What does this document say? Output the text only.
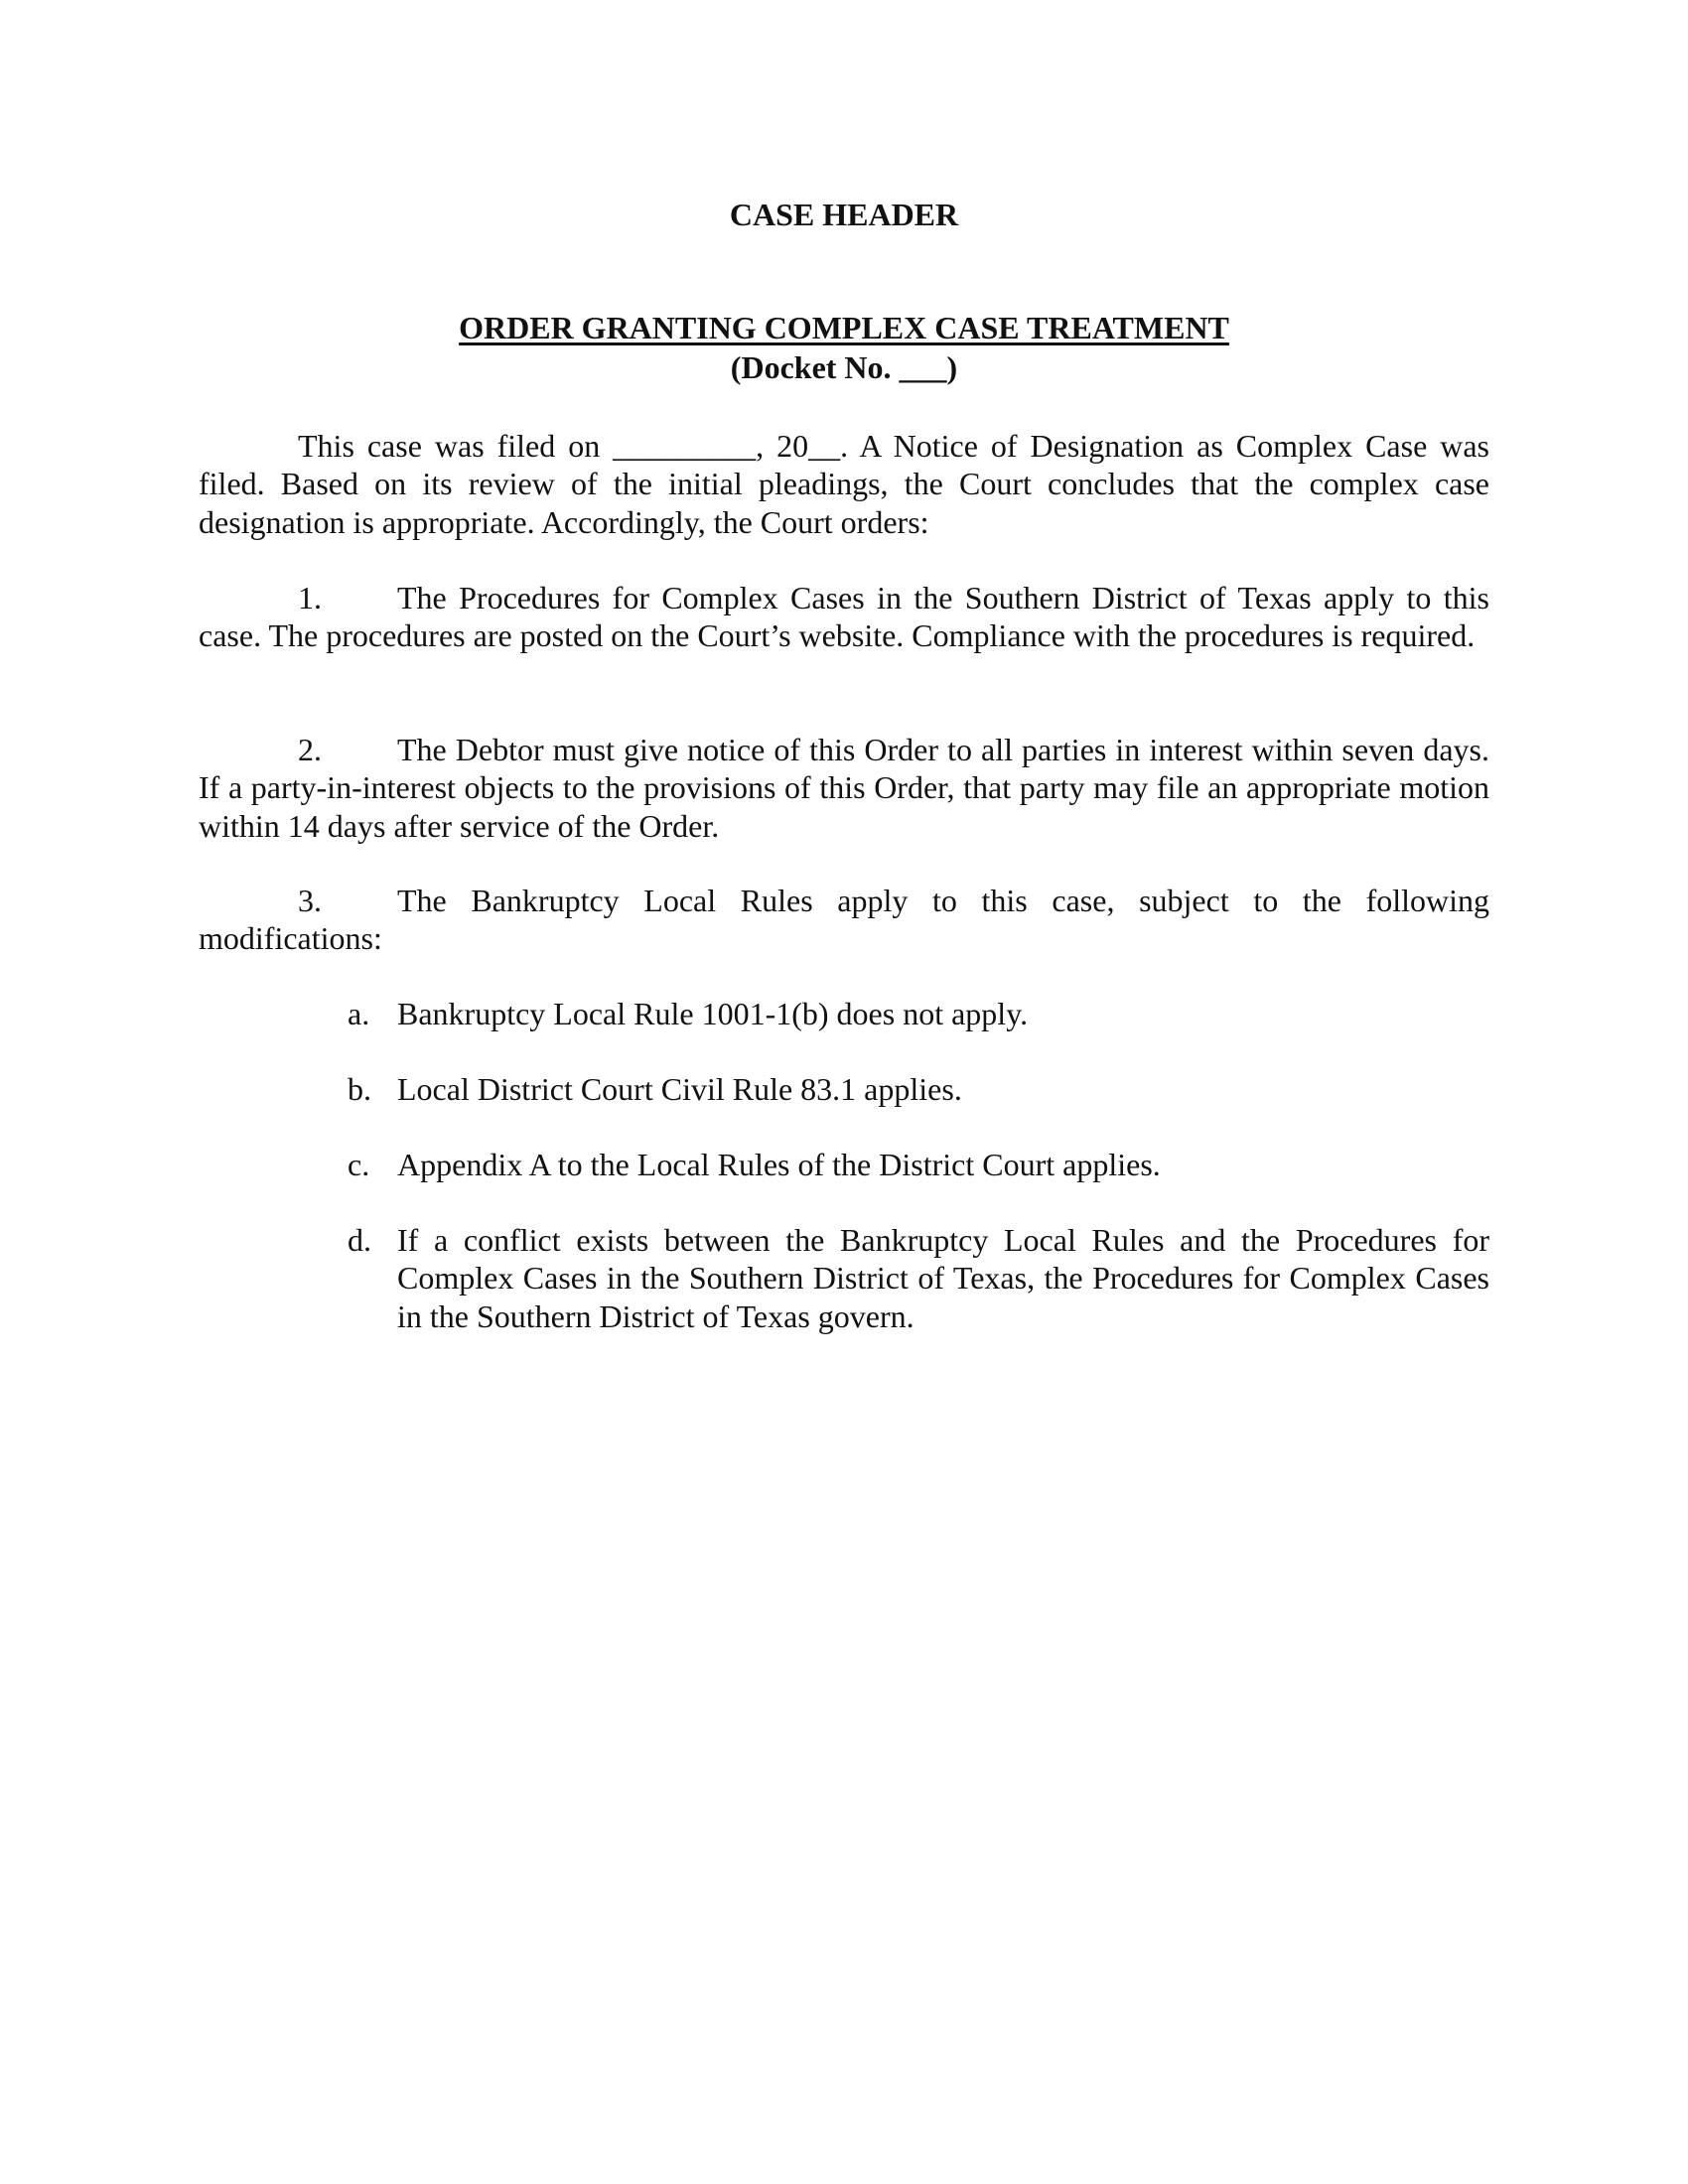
CASE HEADER

ORDER GRANTING COMPLEX CASE TREATMENT

(Docket No. ___)

This case was filed on _________, 20__. A Notice of Designation as Complex Case was filed. Based on its review of the initial pleadings, the Court concludes that the complex case designation is appropriate. Accordingly, the Court orders:

1. The Procedures for Complex Cases in the Southern District of Texas apply to this case. The procedures are posted on the Court’s website. Compliance with the procedures is required.

2. The Debtor must give notice of this Order to all parties in interest within seven days. If a party-in-interest objects to the provisions of this Order, that party may file an appropriate motion within 14 days after service of the Order.

3. The Bankruptcy Local Rules apply to this case, subject to the following modifications:

a. Bankruptcy Local Rule 1001-1(b) does not apply.
b. Local District Court Civil Rule 83.1 applies.
c. Appendix A to the Local Rules of the District Court applies.
d. If a conflict exists between the Bankruptcy Local Rules and the Procedures for Complex Cases in the Southern District of Texas, the Procedures for Complex Cases in the Southern District of Texas govern.
